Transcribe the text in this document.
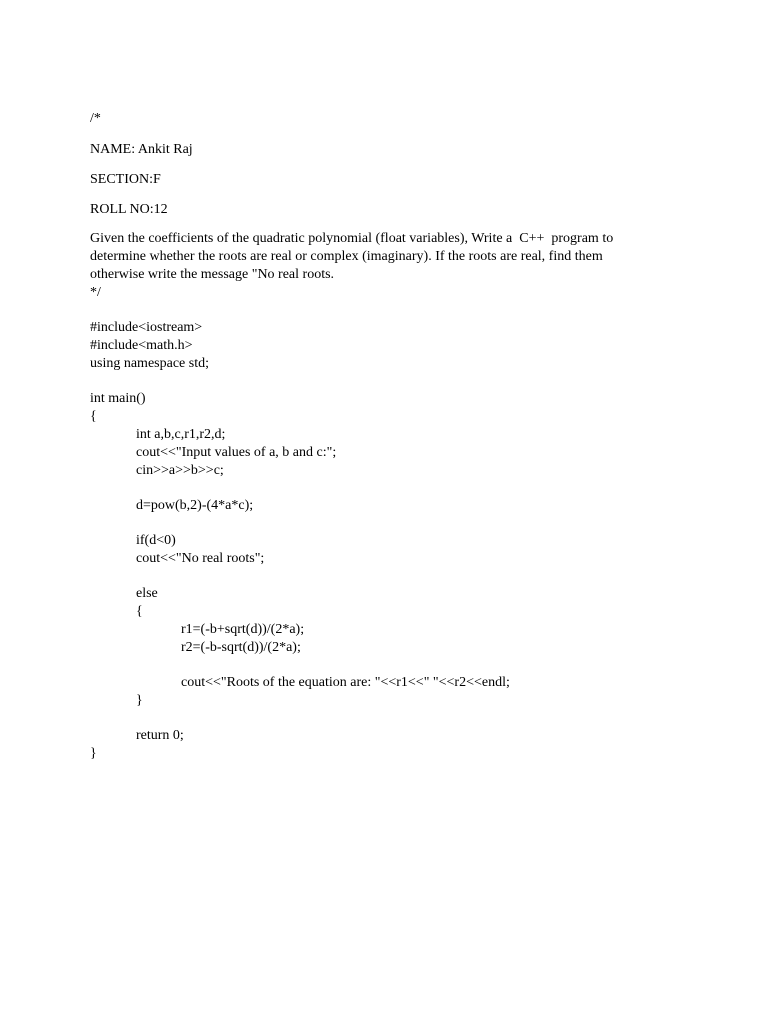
/*
NAME: Ankit Raj
SECTION:F
ROLL NO:12
Given the coefficients of the quadratic polynomial (float variables), Write a  C++  program to
determine whether the roots are real or complex (imaginary). If the roots are real, find them
otherwise write the message "No real roots.
*/
#include<iostream>
#include<math.h>
using namespace std;
int main()
{
int a,b,c,r1,r2,d;
cout<<"Input values of a, b and c:";
cin>>a>>b>>c;
d=pow(b,2)-(4*a*c);
if(d<0)
cout<<"No real roots";
else
{
r1=(-b+sqrt(d))/(2*a);
r2=(-b-sqrt(d))/(2*a);
cout<<"Roots of the equation are: "<<r1<<" "<<r2<<endl;
}
return 0;
}
